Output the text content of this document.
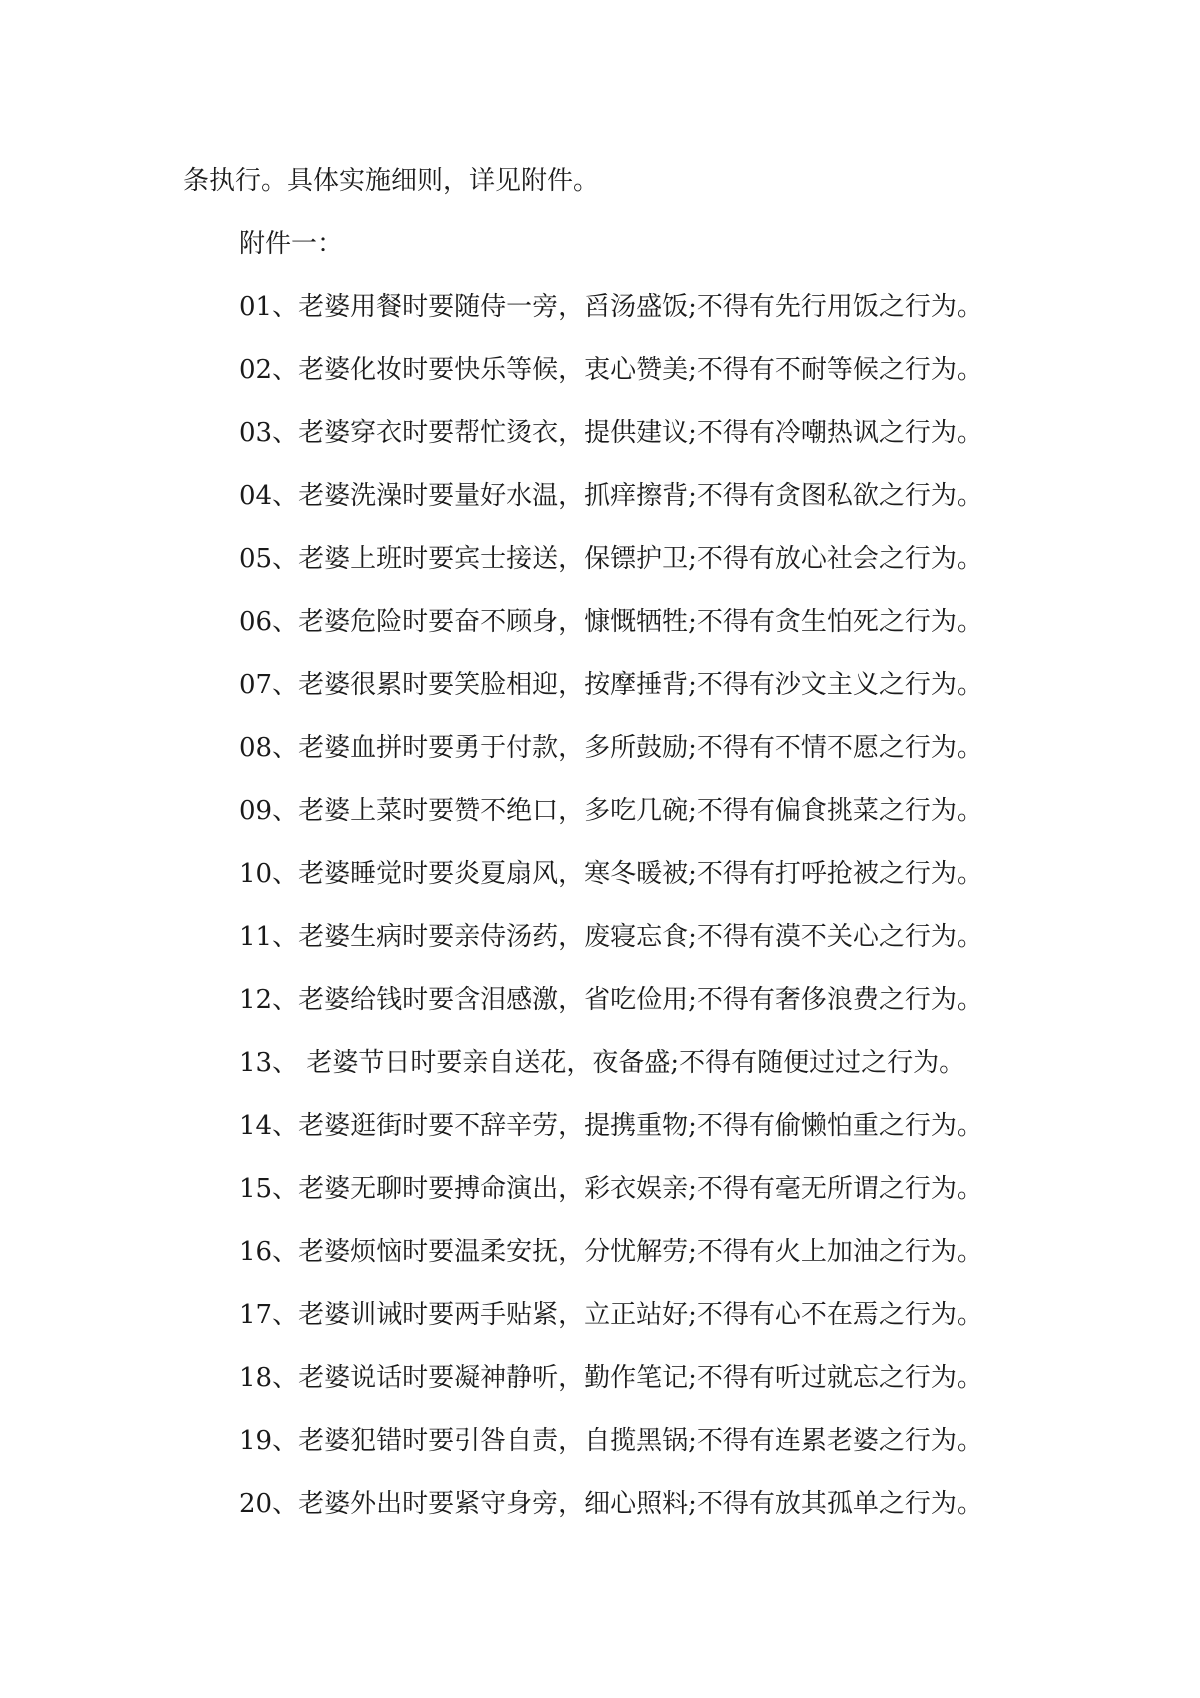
条执行。具体实施细则，详见附件。

附件一：

01、老婆用餐时要随侍一旁，舀汤盛饭;不得有先行用饭之行为。

02、老婆化妆时要快乐等候，衷心赞美;不得有不耐等候之行为。

03、老婆穿衣时要帮忙烫衣，提供建议;不得有冷嘲热讽之行为。

04、老婆洗澡时要量好水温，抓痒擦背;不得有贪图私欲之行为。

05、老婆上班时要宾士接送，保镖护卫;不得有放心社会之行为。

06、老婆危险时要奋不顾身，慷慨牺牲;不得有贪生怕死之行为。

07、老婆很累时要笑脸相迎，按摩捶背;不得有沙文主义之行为。

08、老婆血拼时要勇于付款，多所鼓励;不得有不情不愿之行为。

09、老婆上菜时要赞不绝口，多吃几碗;不得有偏食挑菜之行为。

10、老婆睡觉时要炎夏扇风，寒冬暖被;不得有打呼抢被之行为。

11、老婆生病时要亲侍汤药，废寝忘食;不得有漠不关心之行为。

12、老婆给钱时要含泪感激，省吃俭用;不得有奢侈浪费之行为。

13、 老婆节日时要亲自送花，夜备盛;不得有随便过过之行为。

14、老婆逛街时要不辞辛劳，提携重物;不得有偷懒怕重之行为。

15、老婆无聊时要搏命演出，彩衣娱亲;不得有毫无所谓之行为。

16、老婆烦恼时要温柔安抚，分忧解劳;不得有火上加油之行为。

17、老婆训诫时要两手贴紧，立正站好;不得有心不在焉之行为。

18、老婆说话时要凝神静听，勤作笔记;不得有听过就忘之行为。

19、老婆犯错时要引咎自责，自揽黑锅;不得有连累老婆之行为。

20、老婆外出时要紧守身旁，细心照料;不得有放其孤单之行为。
